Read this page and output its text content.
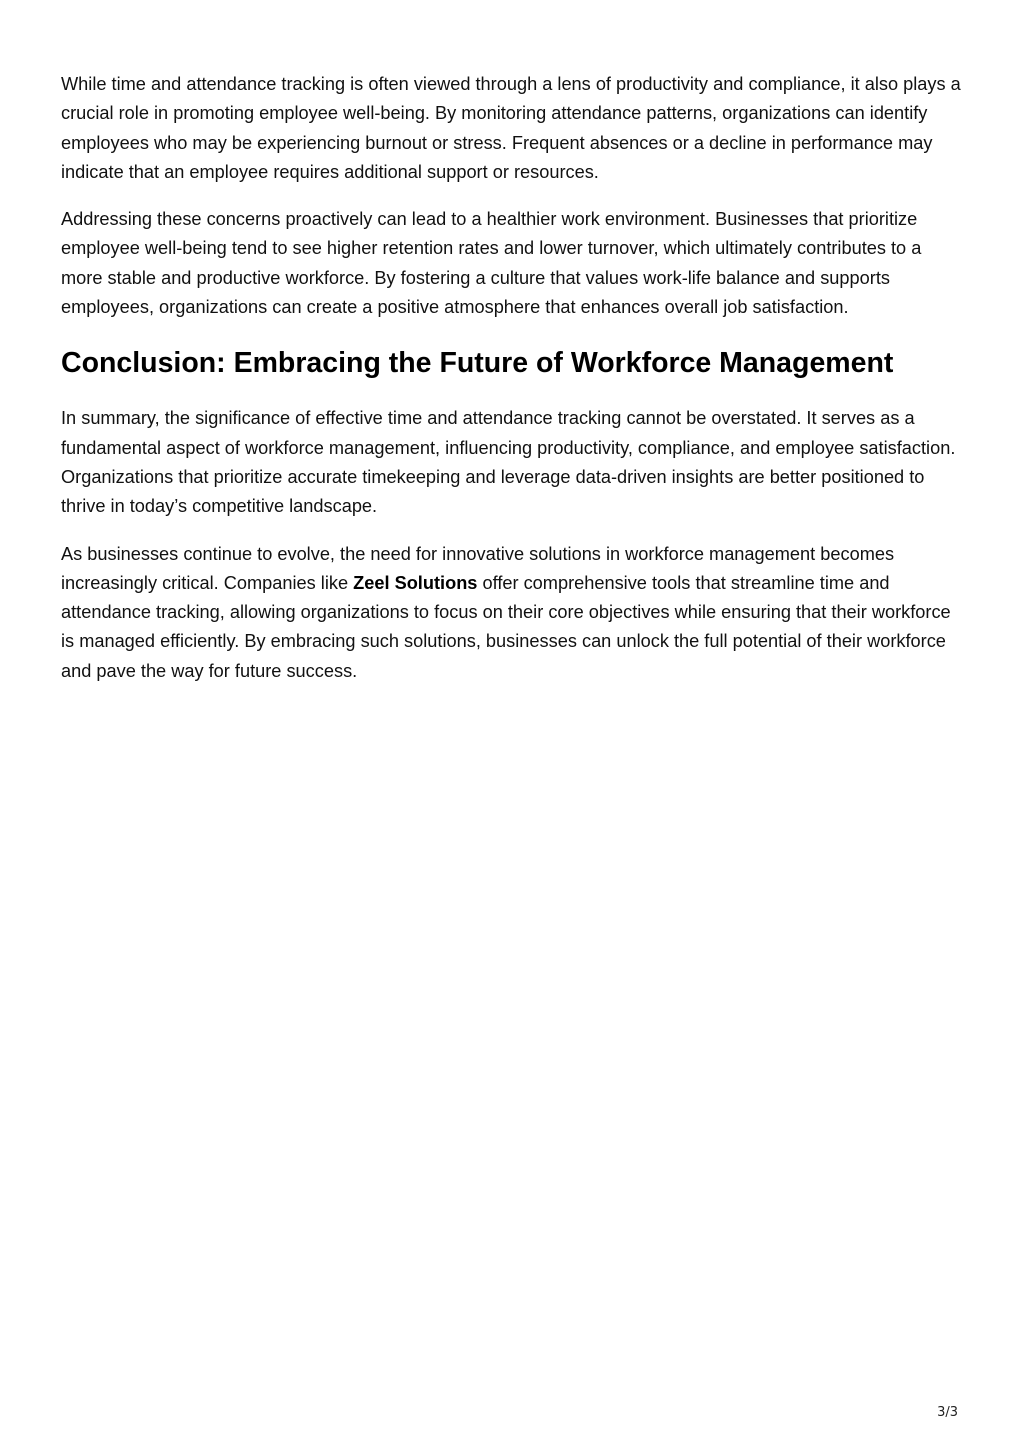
While time and attendance tracking is often viewed through a lens of productivity and compliance, it also plays a crucial role in promoting employee well-being. By monitoring attendance patterns, organizations can identify employees who may be experiencing burnout or stress. Frequent absences or a decline in performance may indicate that an employee requires additional support or resources.

Addressing these concerns proactively can lead to a healthier work environment. Businesses that prioritize employee well-being tend to see higher retention rates and lower turnover, which ultimately contributes to a more stable and productive workforce. By fostering a culture that values work-life balance and supports employees, organizations can create a positive atmosphere that enhances overall job satisfaction.

Conclusion: Embracing the Future of Workforce Management

In summary, the significance of effective time and attendance tracking cannot be overstated. It serves as a fundamental aspect of workforce management, influencing productivity, compliance, and employee satisfaction. Organizations that prioritize accurate timekeeping and leverage data-driven insights are better positioned to thrive in today’s competitive landscape.

As businesses continue to evolve, the need for innovative solutions in workforce management becomes increasingly critical. Companies like Zeel Solutions offer comprehensive tools that streamline time and attendance tracking, allowing organizations to focus on their core objectives while ensuring that their workforce is managed efficiently. By embracing such solutions, businesses can unlock the full potential of their workforce and pave the way for future success.

3/3
